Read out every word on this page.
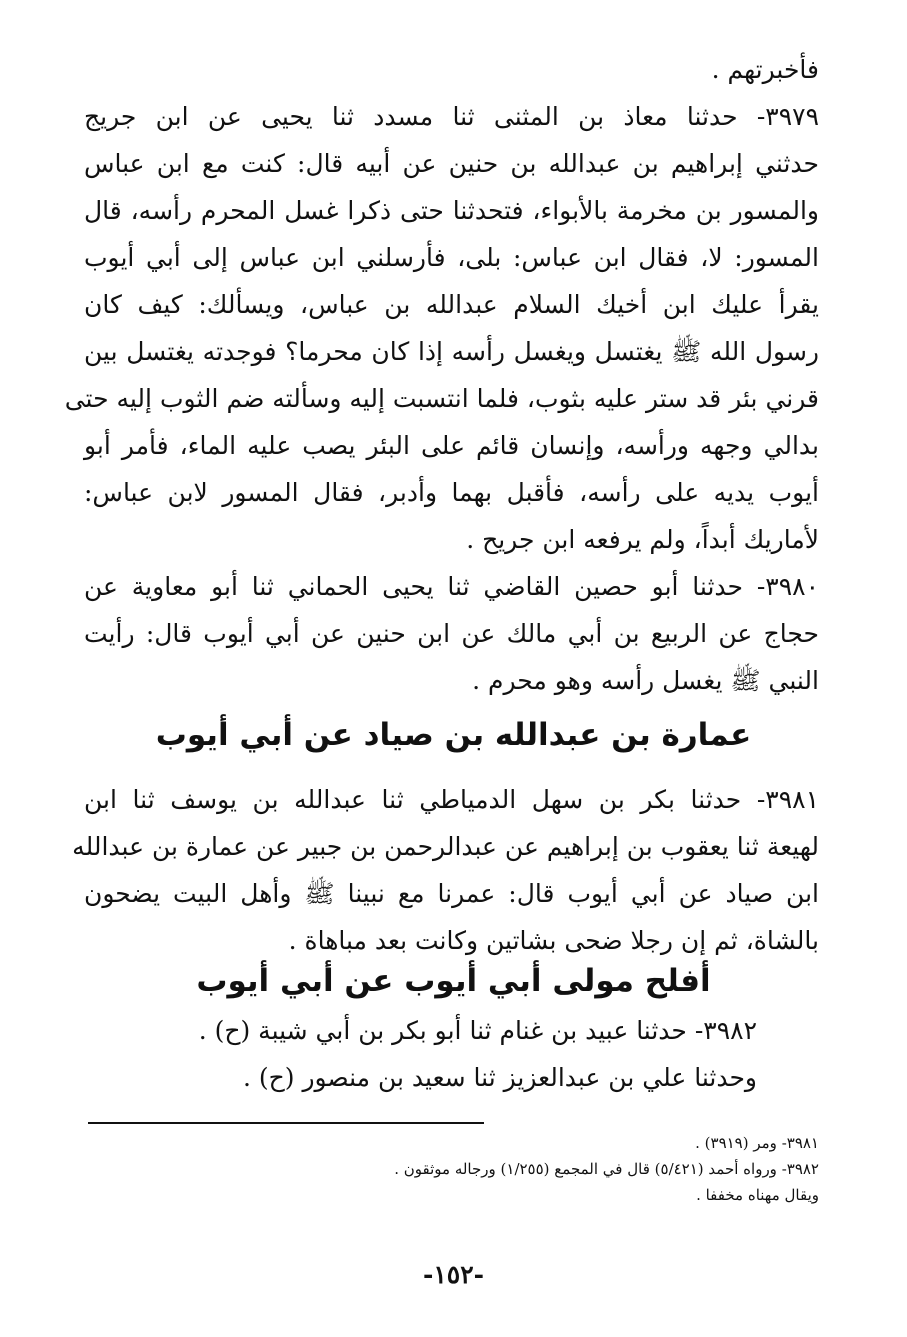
فأخبرتهم .
٣٩٧٩- حدثنا معاذ بن المثنى ثنا مسدد ثنا يحيى عن ابن جريج
حدثني إبراهيم بن عبدالله بن حنين عن أبيه قال: كنت مع ابن عباس
والمسور بن مخرمة بالأبواء، فتحدثنا حتى ذكرا غسل المحرم رأسه، قال
المسور: لا، فقال ابن عباس: بلى، فأرسلني ابن عباس إلى أبي أيوب
يقرأ عليك ابن أخيك السلام عبدالله بن عباس، ويسألك: كيف كان
رسول الله ﷺ يغتسل ويغسل رأسه إذا كان محرما؟ فوجدته يغتسل بين
قرني بئر قد ستر عليه بثوب، فلما انتسبت إليه وسألته ضم الثوب إليه حتى
بدالي وجهه ورأسه، وإنسان قائم على البئر يصب عليه الماء، فأمر أبو
أيوب يديه على رأسه، فأقبل بهما وأدبر، فقال المسور لابن عباس:
لأماريك أبداً، ولم يرفعه ابن جريح .
٣٩٨٠- حدثنا أبو حصين القاضي ثنا يحيى الحماني ثنا أبو معاوية عن
حجاج عن الربيع بن أبي مالك عن ابن حنين عن أبي أيوب قال: رأيت
النبي ﷺ يغسل رأسه وهو محرم .
عمارة بن عبدالله بن صياد عن أبي أيوب
٣٩٨١- حدثنا بكر بن سهل الدمياطي ثنا عبدالله بن يوسف ثنا ابن
لهيعة ثنا يعقوب بن إبراهيم عن عبدالرحمن بن جبير عن عمارة بن عبدالله
ابن صياد عن أبي أيوب قال: عمرنا مع نبينا ﷺ وأهل البيت يضحون
بالشاة، ثم إن رجلا ضحى بشاتين وكانت بعد مباهاة .
أفلح مولى أبي أيوب عن أبي أيوب
٣٩٨٢- حدثنا عبيد بن غنام ثنا أبو بكر بن أبي شيبة (ح) .
وحدثنا علي بن عبدالعزيز ثنا سعيد بن منصور (ح) .
٣٩٨١- ومر (٣٩١٩) .
٣٩٨٢- ورواه أحمد (٥/٤٢١) قال في المجمع (١/٢٥٥) ورجاله موثقون .
ويقال مهناه مخففا .
-١٥٢-
